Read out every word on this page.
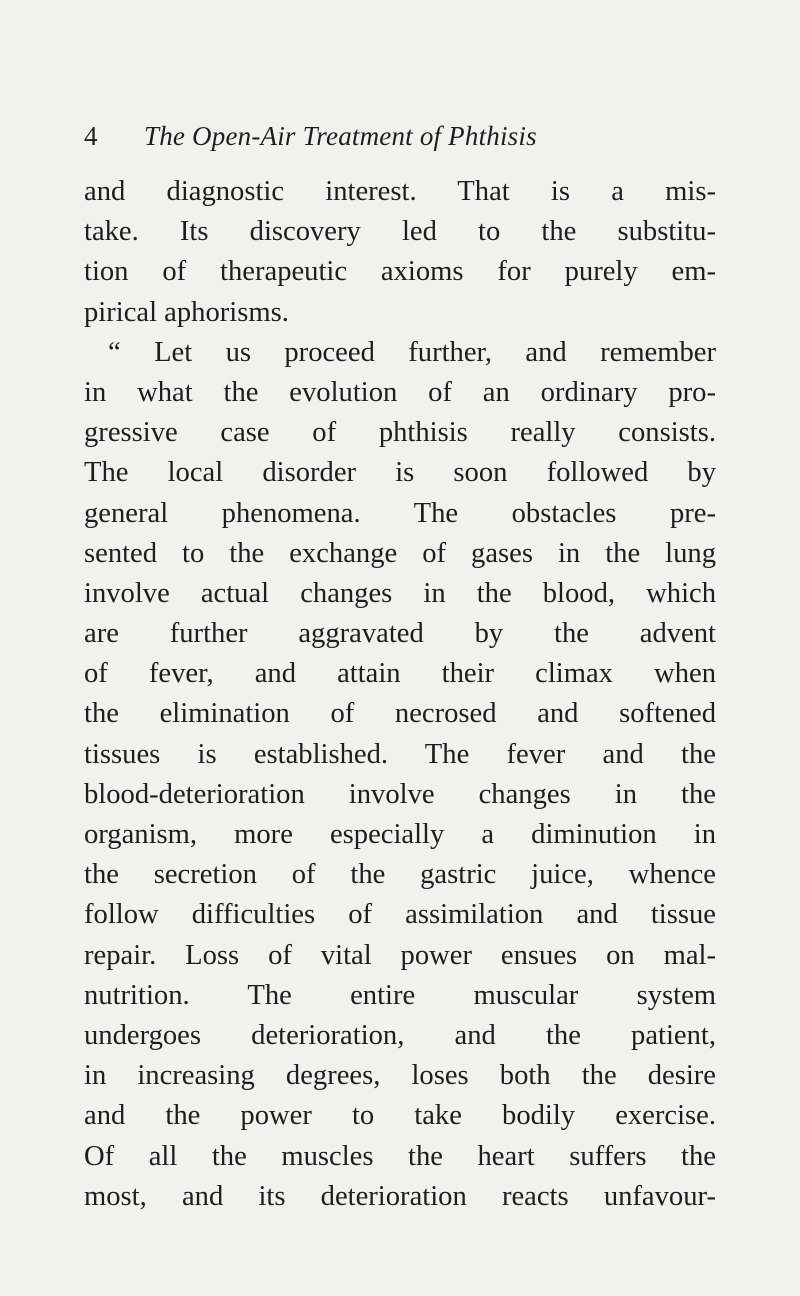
4 The Open-Air Treatment of Phthisis
and diagnostic interest. That is a mis-
take. Its discovery led to the substitu-
tion of therapeutic axioms for purely em-
pirical aphorisms.
“ Let us proceed further, and remember
in what the evolution of an ordinary pro-
gressive case of phthisis really consists.
The local disorder is soon followed by
general phenomena. The obstacles pre-
sented to the exchange of gases in the lung
involve actual changes in the blood, which
are further aggravated by the advent
of fever, and attain their climax when
the elimination of necrosed and softened
tissues is established. The fever and the
blood-deterioration involve changes in the
organism, more especially a diminution in
the secretion of the gastric juice, whence
follow difficulties of assimilation and tissue
repair. Loss of vital power ensues on mal-
nutrition. The entire muscular system
undergoes deterioration, and the patient,
in increasing degrees, loses both the desire
and the power to take bodily exercise.
Of all the muscles the heart suffers the
most, and its deterioration reacts unfavour-
